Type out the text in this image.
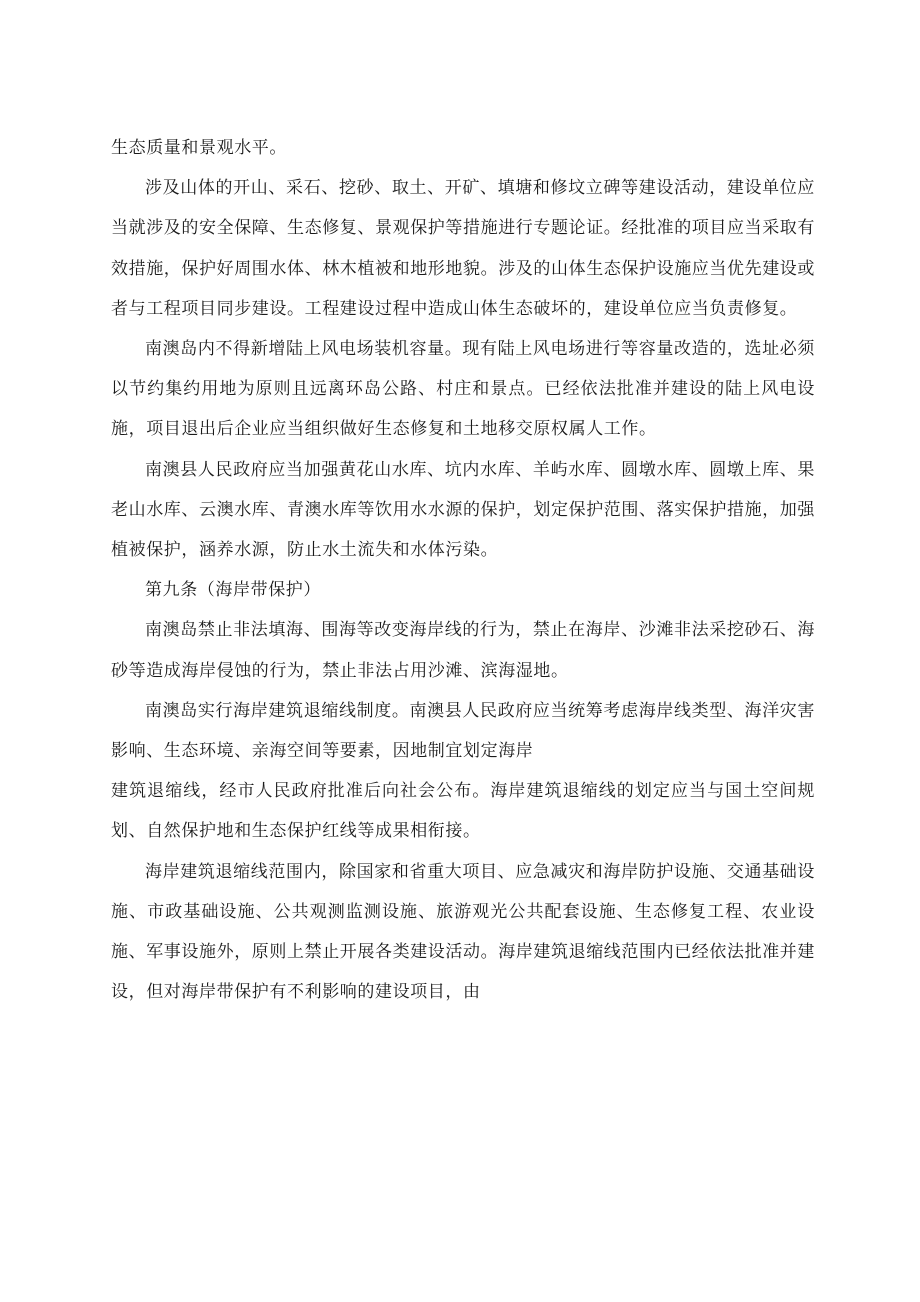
生态质量和景观水平。

涉及山体的开山、采石、挖砂、取土、开矿、填塘和修坟立碑等建设活动，建设单位应当就涉及的安全保障、生态修复、景观保护等措施进行专题论证。经批准的项目应当采取有效措施，保护好周围水体、林木植被和地形地貌。涉及的山体生态保护设施应当优先建设或者与工程项目同步建设。工程建设过程中造成山体生态破坏的，建设单位应当负责修复。

南澳岛内不得新增陆上风电场装机容量。现有陆上风电场进行等容量改造的，选址必须以节约集约用地为原则且远离环岛公路、村庄和景点。已经依法批准并建设的陆上风电设施，项目退出后企业应当组织做好生态修复和土地移交原权属人工作。

南澳县人民政府应当加强黄花山水库、坑内水库、羊屿水库、圆墩水库、圆墩上库、果老山水库、云澳水库、青澳水库等饮用水水源的保护，划定保护范围、落实保护措施，加强植被保护，涵养水源，防止水土流失和水体污染。

第九条（海岸带保护）

南澳岛禁止非法填海、围海等改变海岸线的行为，禁止在海岸、沙滩非法采挖砂石、海砂等造成海岸侵蚀的行为，禁止非法占用沙滩、滨海湿地。

南澳岛实行海岸建筑退缩线制度。南澳县人民政府应当统筹考虑海岸线类型、海洋灾害影响、生态环境、亲海空间等要素，因地制宜划定海岸

建筑退缩线，经市人民政府批准后向社会公布。海岸建筑退缩线的划定应当与国土空间规划、自然保护地和生态保护红线等成果相衔接。

海岸建筑退缩线范围内，除国家和省重大项目、应急减灾和海岸防护设施、交通基础设施、市政基础设施、公共观测监测设施、旅游观光公共配套设施、生态修复工程、农业设施、军事设施外，原则上禁止开展各类建设活动。海岸建筑退缩线范围内已经依法批准并建设，但对海岸带保护有不利影响的建设项目，由
